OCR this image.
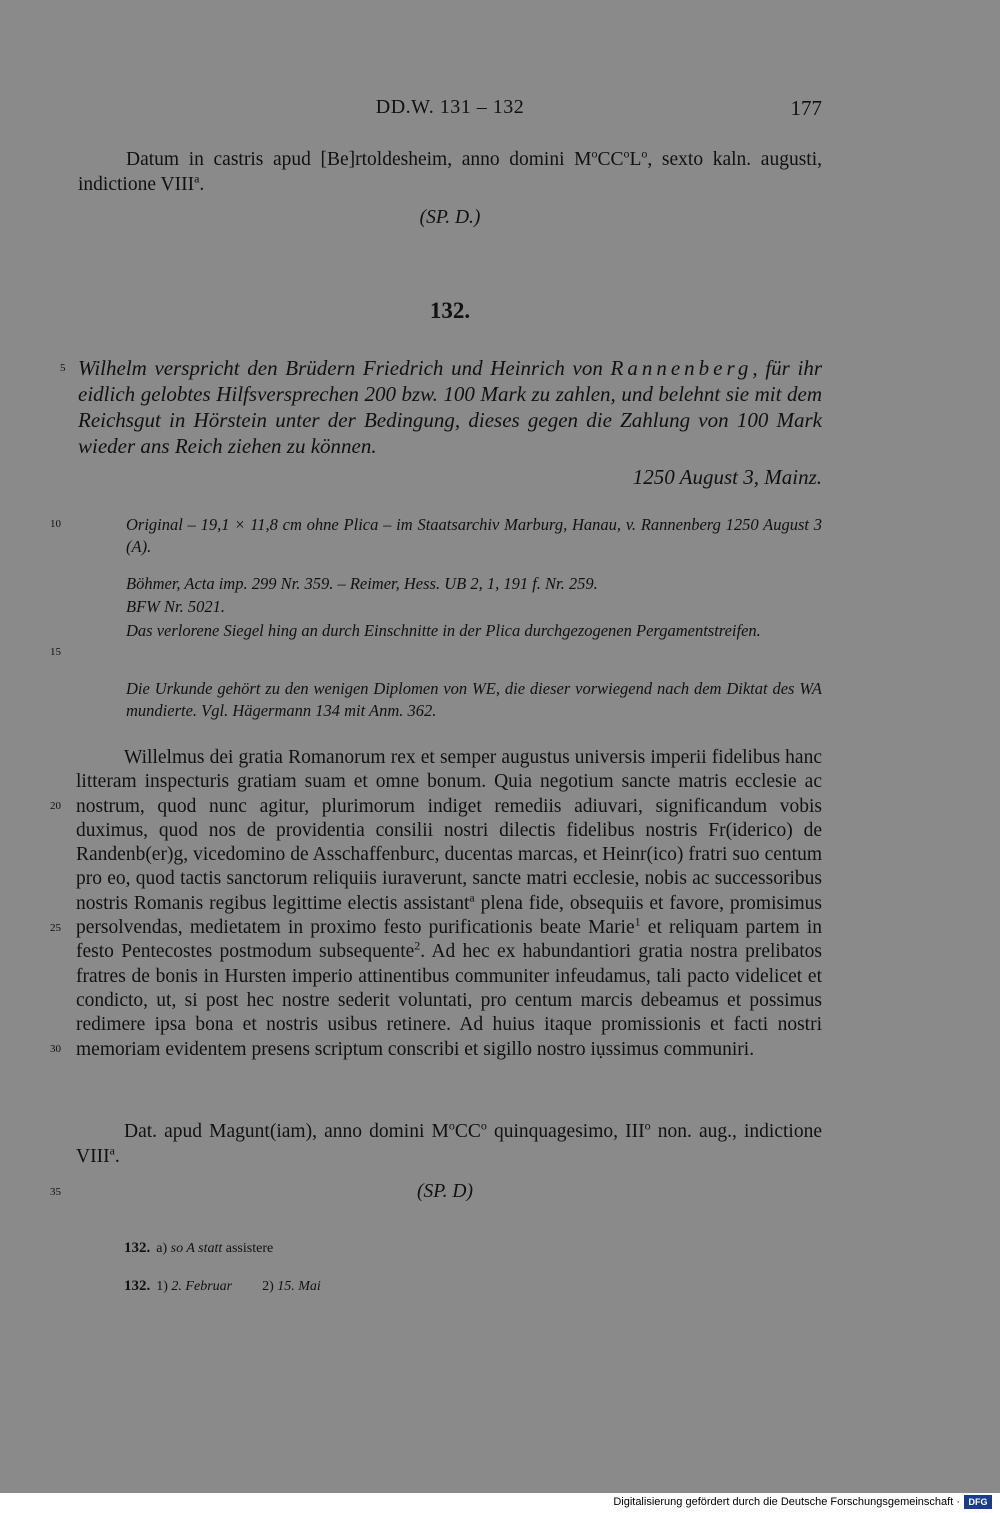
DD.W. 131 – 132	177
Datum in castris apud [Be]rtoldesheim, anno domini $M^oCC^oL^o$, sexto kaln. augusti, indictione VIII$^a$.
(SP. D.)
132.
Wilhelm verspricht den Brüdern Friedrich und Heinrich von Rannenberg, für ihr eidlich gelobtes Hilfsversprechen 200 bzw. 100 Mark zu zahlen, und belehnt sie mit dem Reichsgut in Hörstein unter der Bedingung, dieses gegen die Zahlung von 100 Mark wieder ans Reich ziehen zu können.
1250 August 3, Mainz.
Original – 19,1 × 11,8 cm ohne Plica – im Staatsarchiv Marburg, Hanau, v. Rannenberg 1250 August 3 (A).
Böhmer, Acta imp. 299 Nr. 359. – Reimer, Hess. UB 2, 1, 191 f. Nr. 259.
BFW Nr. 5021.
Das verlorene Siegel hing an durch Einschnitte in der Plica durchgezogenen Pergamentstreifen.
Die Urkunde gehört zu den wenigen Diplomen von WE, die dieser vorwiegend nach dem Diktat des WA mundierte. Vgl. Hägermann 134 mit Anm. 362.
Willelmus dei gratia Romanorum rex et semper augustus universis imperii fidelibus hanc litteram inspecturis gratiam suam et omne bonum. Quia negotium sancte matris ecclesie ac nostrum, quod nunc agitur, plurimorum indiget remediis adiuvari, significandum vobis duximus, quod nos de providentia consilii nostri dilectis fidelibus nostris Fr(iderico) de Randenb(er)g, vicedomino de Asschaffenburc, ducentas marcas, et Heinr(ico) fratri suo centum pro eo, quod tactis sanctorum reliquiis iuraverunt, sancte matri ecclesie, nobis ac successoribus nostris Romanis regibus legittime electis assistant$^a$ plena fide, obsequiis et favore, promisimus persolvendas, medietatem in proximo festo purificationis beate Marie$^1$ et reliquam partem in festo Pentecostes postmodum subsequente$^2$. Ad hec ex habundantiori gratia nostra prelibatos fratres de bonis in Hursten imperio attinentibus communiter infeudamus, tali pacto videlicet et condicto, ut, si post hec nostre sederit voluntati, pro centum marcis debeamus et possimus redimere ipsa bona et nostris usibus retinere. Ad huius itaque promissionis et facti nostri memoriam evidentem presens scriptum conscribi et sigillo nostro iụssimus communiri.
Dat. apud Magunt(iam), anno domini $M^oCC^o$ quinquagesimo, III$^o$ non. aug., indictione VIII$^a$.
(SP. D)
5
10
15
20
25
30
35
132. a) so A statt assistere
132. 1) 2. Februar 2) 15. Mai
Digitalisierung gefördert durch die Deutsche Forschungsgemeinschaft · DFG
